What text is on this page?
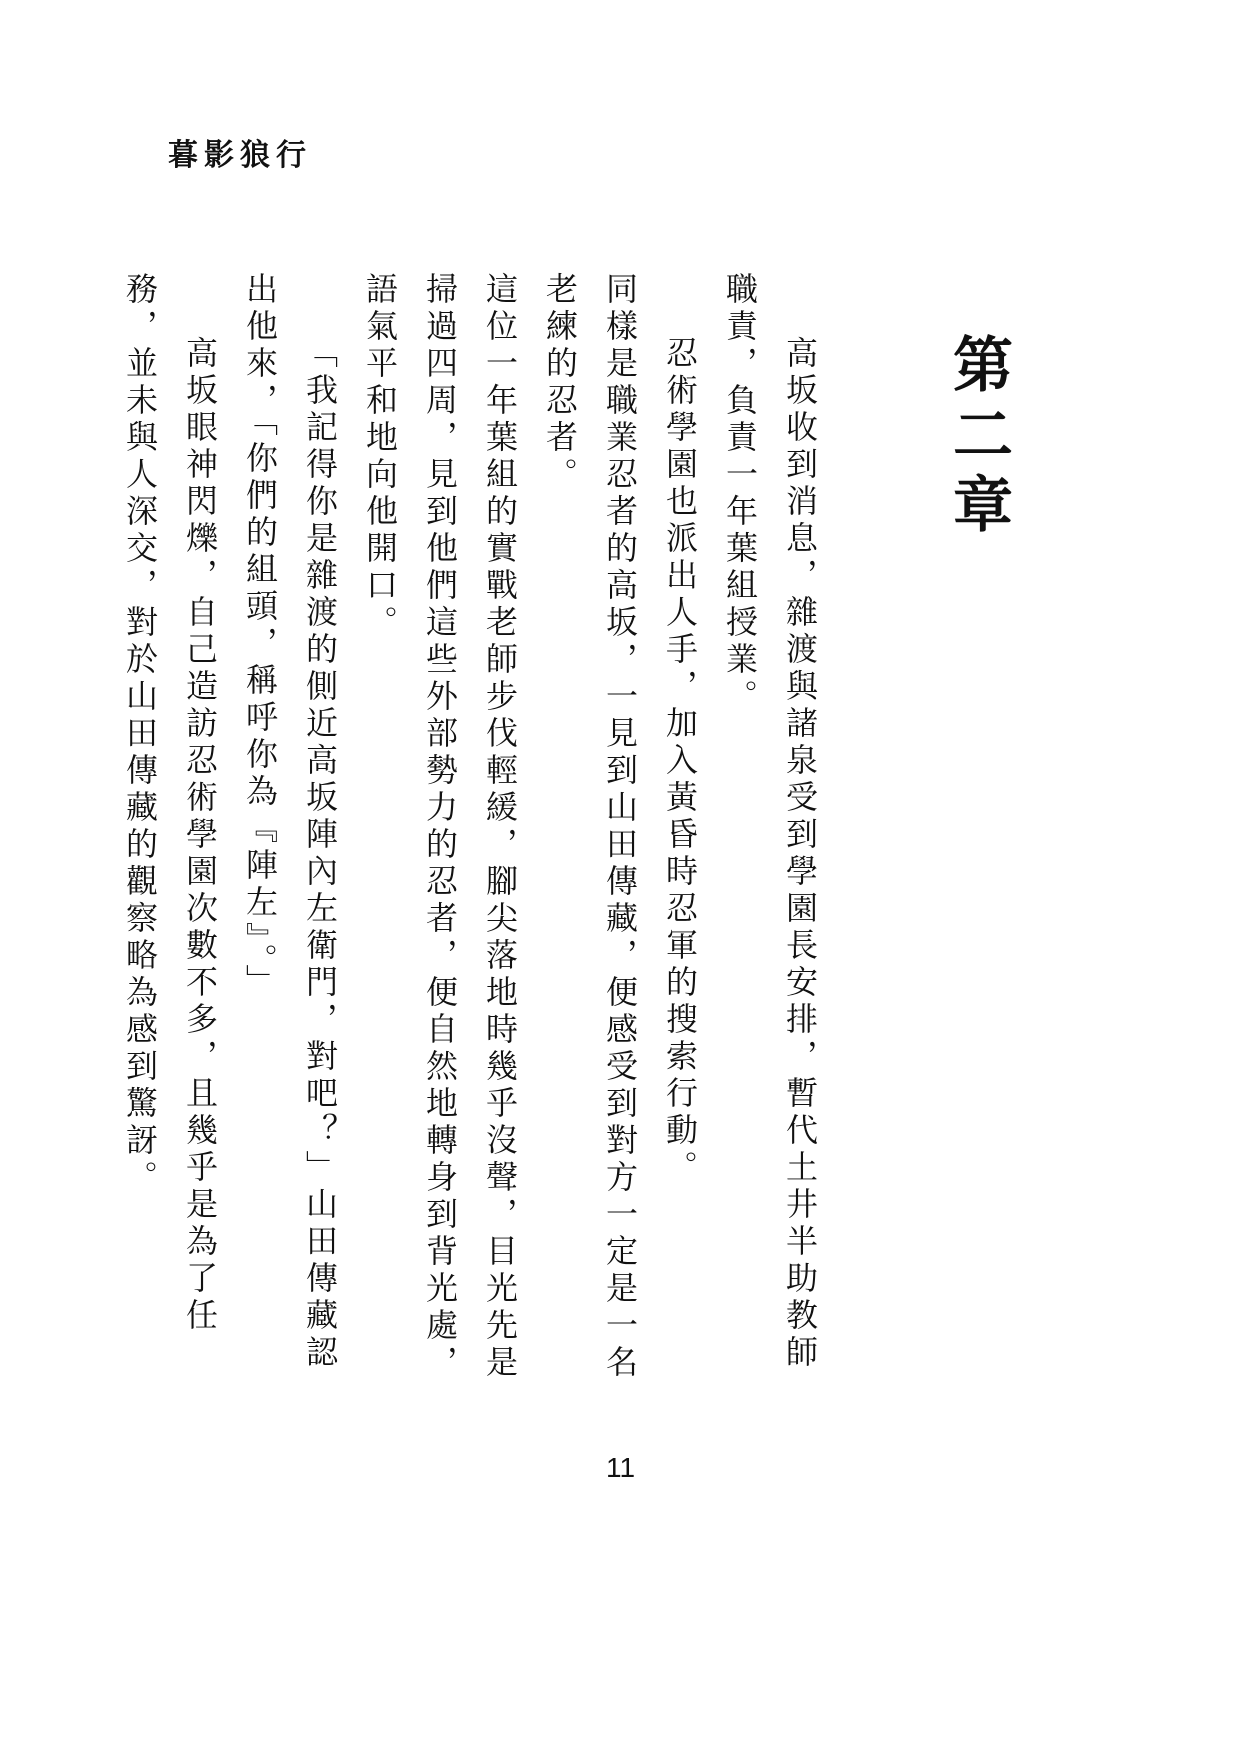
暮影狼行
第二章

高坂收到消息，雜渡與諸泉受到學園長安排，暫代土井半助教師職責，負責一年葉組授業。

忍術學園也派出人手，加入黃昏時忍軍的搜索行動。

同樣是職業忍者的高坂，一見到山田傳藏，便感受到對方一定是一名老練的忍者。

這位一年葉組的實戰老師步伐輕緩，腳尖落地時幾乎沒聲，目光先是掃過四周，見到他們這些外部勢力的忍者，便自然地轉身到背光處，語氣平和地向他開口。

「我記得你是雜渡的側近高坂陣內左衛門，對吧？」山田傳藏認出他來，「你們的組頭，稱呼你為『陣左』。」

高坂眼神閃爍，自己造訪忍術學園次數不多，且幾乎是為了任務，並未與人深交，對於山田傳藏的觀察略為感到驚訝。

11
